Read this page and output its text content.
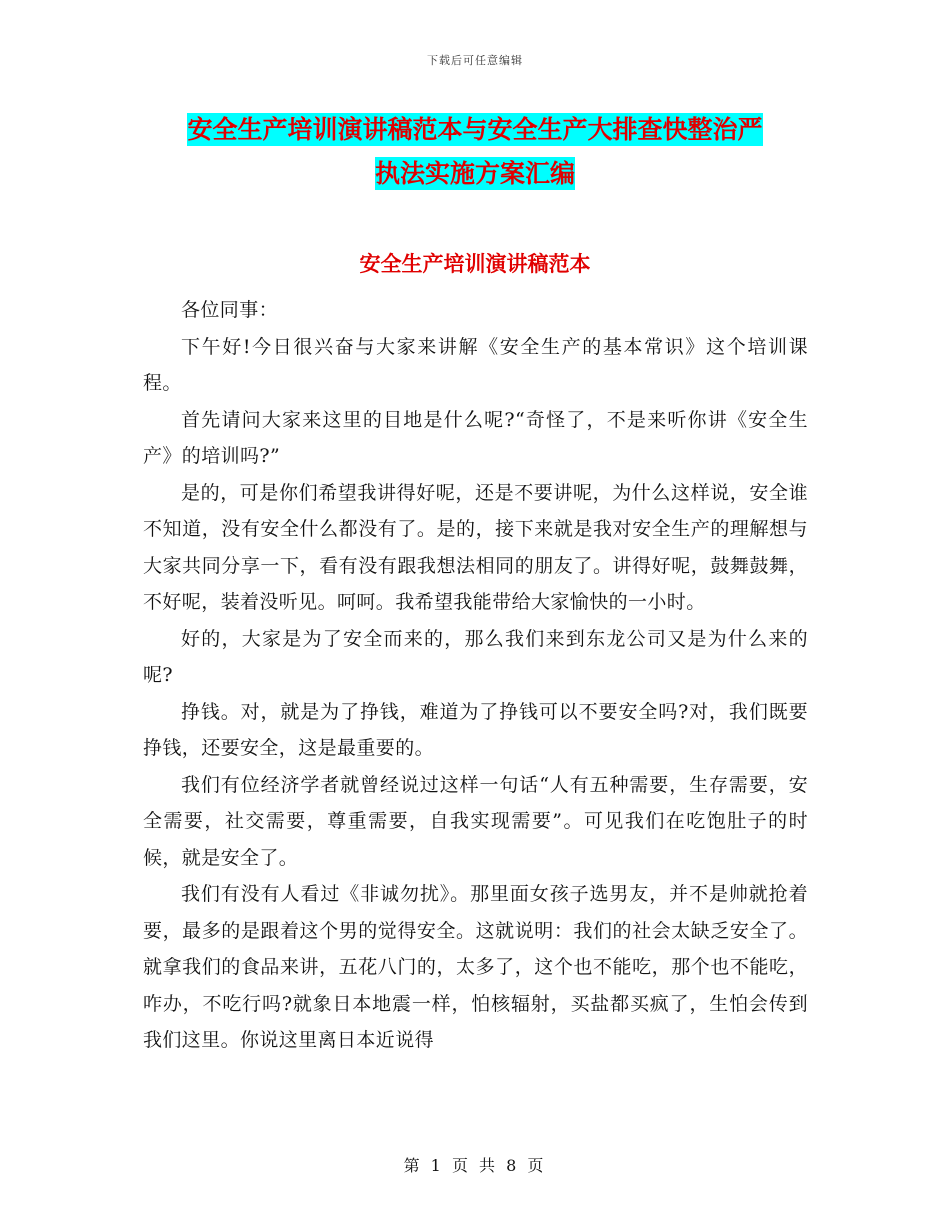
下载后可任意编辑
安全生产培训演讲稿范本与安全生产大排查快整治严
执法实施方案汇编
安全生产培训演讲稿范本

各位同事：

下午好!今日很兴奋与大家来讲解《安全生产的基本常识》这个培训课程。

首先请问大家来这里的目地是什么呢?“奇怪了，不是来听你讲《安全生产》的培训吗?”

是的，可是你们希望我讲得好呢，还是不要讲呢，为什么这样说，安全谁不知道，没有安全什么都没有了。是的，接下来就是我对安全生产的理解想与大家共同分享一下，看有没有跟我想法相同的朋友了。讲得好呢，鼓舞鼓舞，不好呢，装着没听见。呵呵。我希望我能带给大家愉快的一小时。

好的，大家是为了安全而来的，那么我们来到东龙公司又是为什么来的呢?

挣钱。对，就是为了挣钱，难道为了挣钱可以不要安全吗?对，我们既要挣钱，还要安全，这是最重要的。

我们有位经济学者就曾经说过这样一句话“人有五种需要，生存需要，安全需要，社交需要，尊重需要，自我实现需要”。可见我们在吃饱肚子的时候，就是安全了。

我们有没有人看过《非诚勿扰》。那里面女孩子选男友，并不是帅就抢着要，最多的是跟着这个男的觉得安全。这就说明：我们的社会太缺乏安全了。就拿我们的食品来讲，五花八门的，太多了，这个也不能吃，那个也不能吃，咋办，不吃行吗?就象日本地震一样，怕核辐射，买盐都买疯了，生怕会传到我们这里。你说这里离日本近说得

第 1 页 共 8 页
